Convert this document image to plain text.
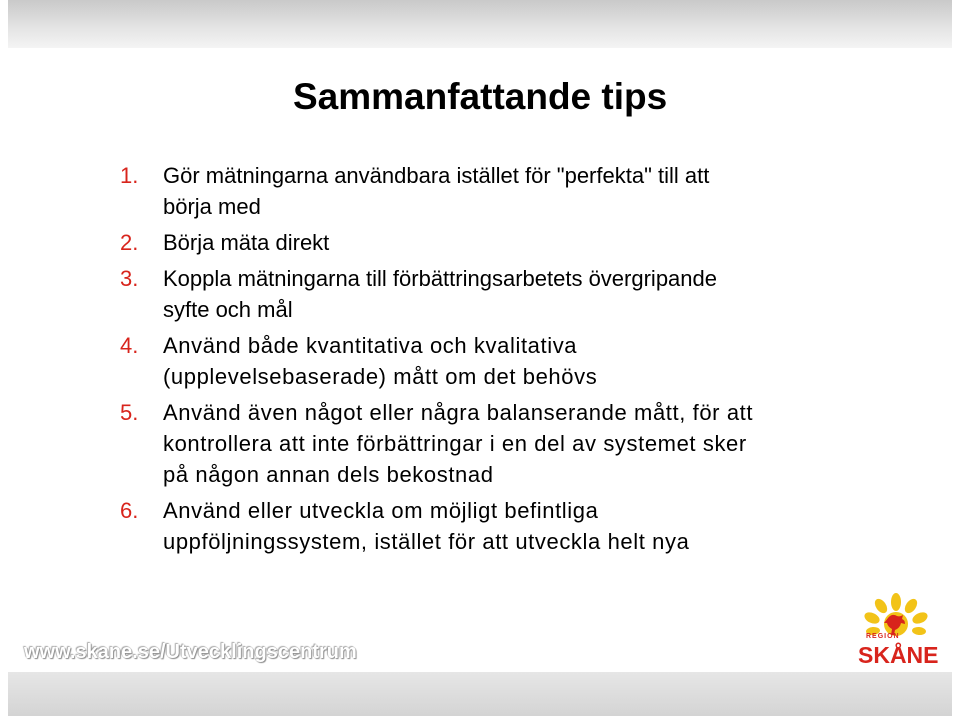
Sammanfattande tips
1.	Gör mätningarna användbara istället för "perfekta" till att
börja med
2.	Börja mäta direkt
3.	Koppla mätningarna till förbättringsarbetets övergripande
syfte och mål
4.	Använd både kvantitativa och kvalitativa
(upplevelsebaserade) mått om det behövs
5.	Använd även något eller några balanserande mått, för att
kontrollera att inte förbättringar i en del av systemet sker
på någon annan dels bekostnad
6.	Använd eller utveckla om möjligt befintliga
uppföljningssystem, istället för att utveckla helt nya
www.skane.se/Utvecklingscentrum
REGION
SKÅNE
